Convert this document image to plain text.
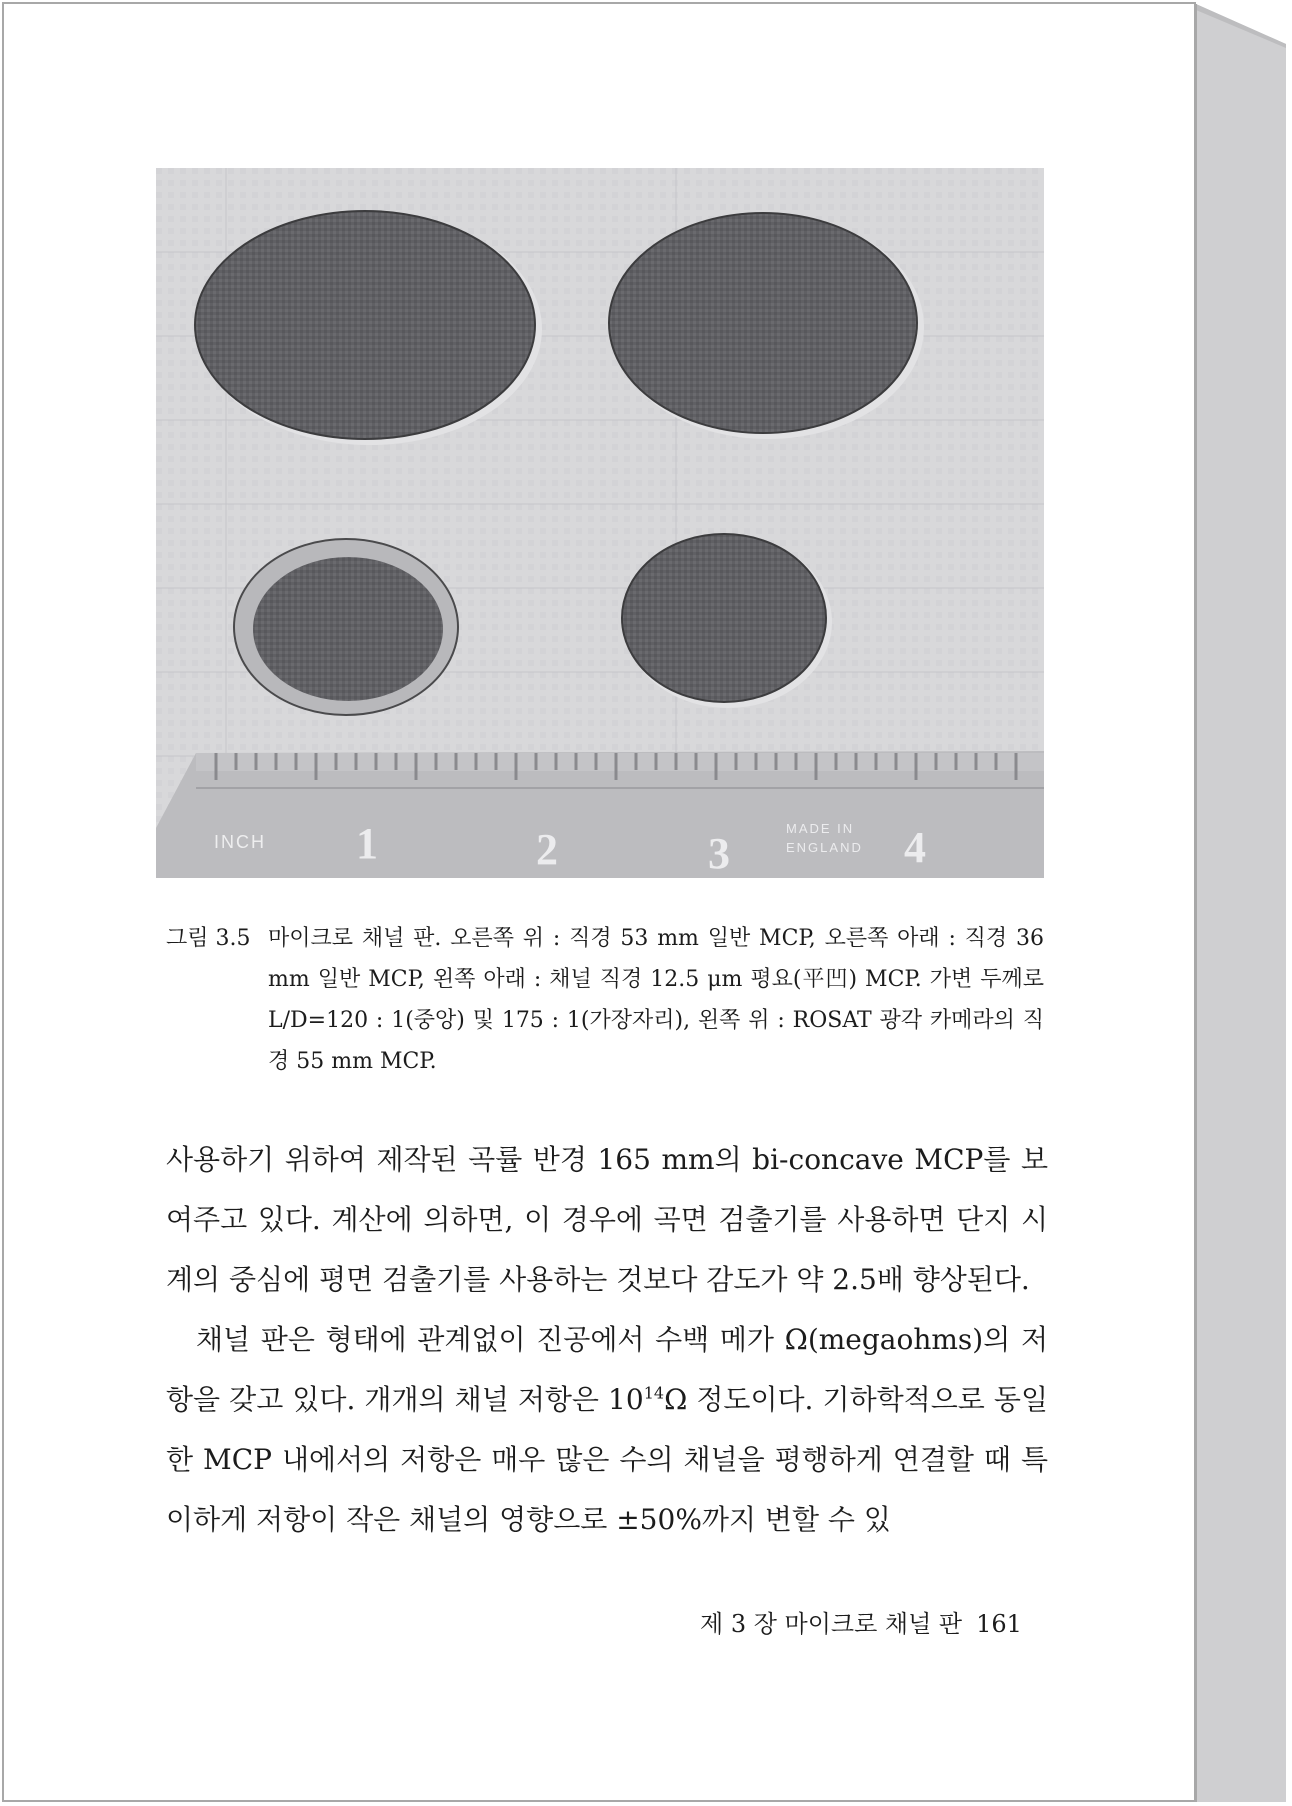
INCH 1	2	3	4
MADE IN
ENGLAND
그림 3.5 마이크로 채널 판. 오른쪽 위 : 직경 53 mm 일반 MCP, 오른쪽 아래 : 직경 36 mm 일반 MCP, 왼쪽 아래 : 채널 직경 12.5 μm 평요(平凹) MCP. 가변 두께로 L/D=120 : 1(중앙) 및 175 : 1(가장자리), 왼쪽 위 : ROSAT 광각 카메라의 직경 55 mm MCP.

사용하기 위하여 제작된 곡률 반경 165 mm의 bi-concave MCP를 보여주고 있다. 계산에 의하면, 이 경우에 곡면 검출기를 사용하면 단지 시계의 중심에 평면 검출기를 사용하는 것보다 감도가 약 2.5배 향상된다.

채널 판은 형태에 관계없이 진공에서 수백 메가 Ω(megaohms)의 저항을 갖고 있다. 개개의 채널 저항은 $10^{14}\Omega$ 정도이다. 기하학적으로 동일한 MCP 내에서의 저항은 매우 많은 수의 채널을 평행하게 연결할 때 특이하게 저항이 작은 채널의 영향으로 ±50%까지 변할 수 있

제 3 장 마이크로 채널 판 161
